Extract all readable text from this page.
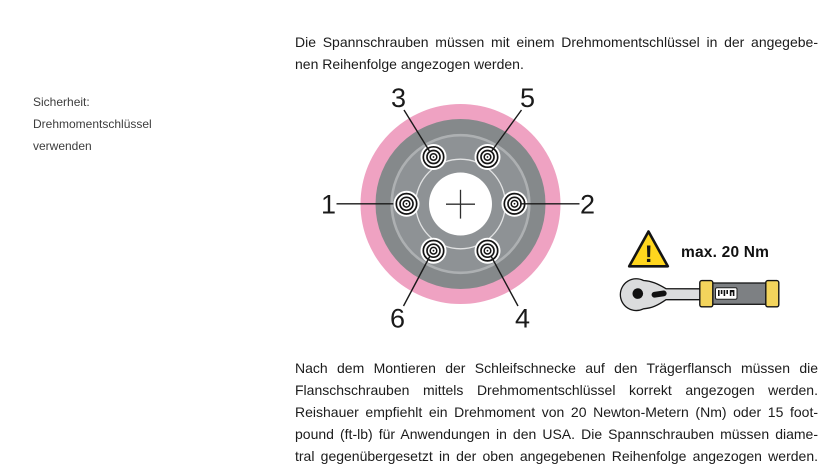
Sicherheit:
Drehmomentschlüssel
verwenden
Die Spannschrauben müssen mit einem Drehmomentschlüssel in der angegebe-
nen Reihenfolge angezogen werden.
1	2
3
4
5
6
! max. 20 Nm
Nach dem Montieren der Schleifschnecke auf den Trägerflansch müssen die
Flanschschrauben mittels Drehmomentschlüssel korrekt angezogen werden.
Reishauer empfiehlt ein Drehmoment von 20 Newton-Metern (Nm) oder 15 foot-
pound (ft-lb) für Anwendungen in den USA. Die Spannschrauben müssen diame-
tral gegenübergesetzt in der oben angegebenen Reihenfolge angezogen werden.
